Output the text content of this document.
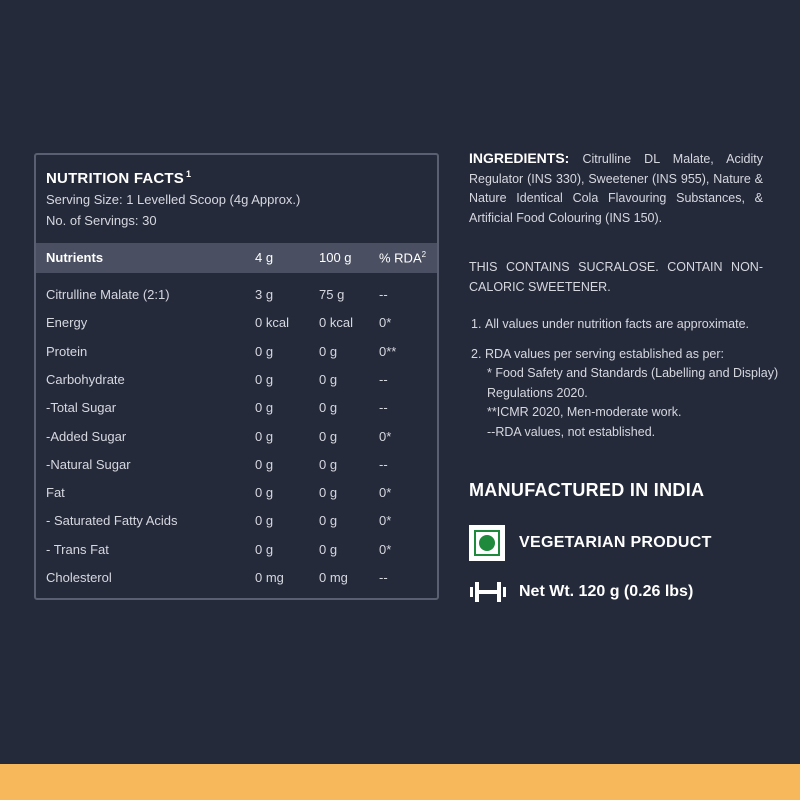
NUTRITION FACTS $^1$
Serving Size: 1 Levelled Scoop (4g Approx.)
No. of Servings: 30
Nutrients	4 g	100 g % RDA$^2$
Citrulline Malate (2:1)	3 g	75 g	--
Energy	0 kcal 0 kcal 0*
Protein	0 g	0 g	0**
Carbohydrate	0 g	0 g	--
-Total Sugar	0 g	0 g	--
-Added Sugar	0 g	0 g	0*
-Natural Sugar	0 g	0 g	--
Fat	0 g	0 g	0*
- Saturated Fatty Acids	0 g	0 g	0*
- Trans Fat	0 g	0 g	0*
Cholesterol	0 mg	0 mg --
INGREDIENTS: Citrulline DL Malate, Acidity Regulator (INS 330), Sweetener (INS 955), Nature & Nature Identical Cola Flavouring Substances, & Artificial Food Colouring (INS 150).
THIS CONTAINS SUCRALOSE. CONTAIN NON-CALORIC SWEETENER.
1. All values under nutrition facts are approximate.
2. RDA values per serving established as per:
* Food Safety and Standards (Labelling and Display) Regulations 2020.
**ICMR 2020, Men-moderate work.
--RDA values, not established.
MANUFACTURED IN INDIA
VEGETARIAN PRODUCT
Net Wt. 120 g (0.26 lbs)
